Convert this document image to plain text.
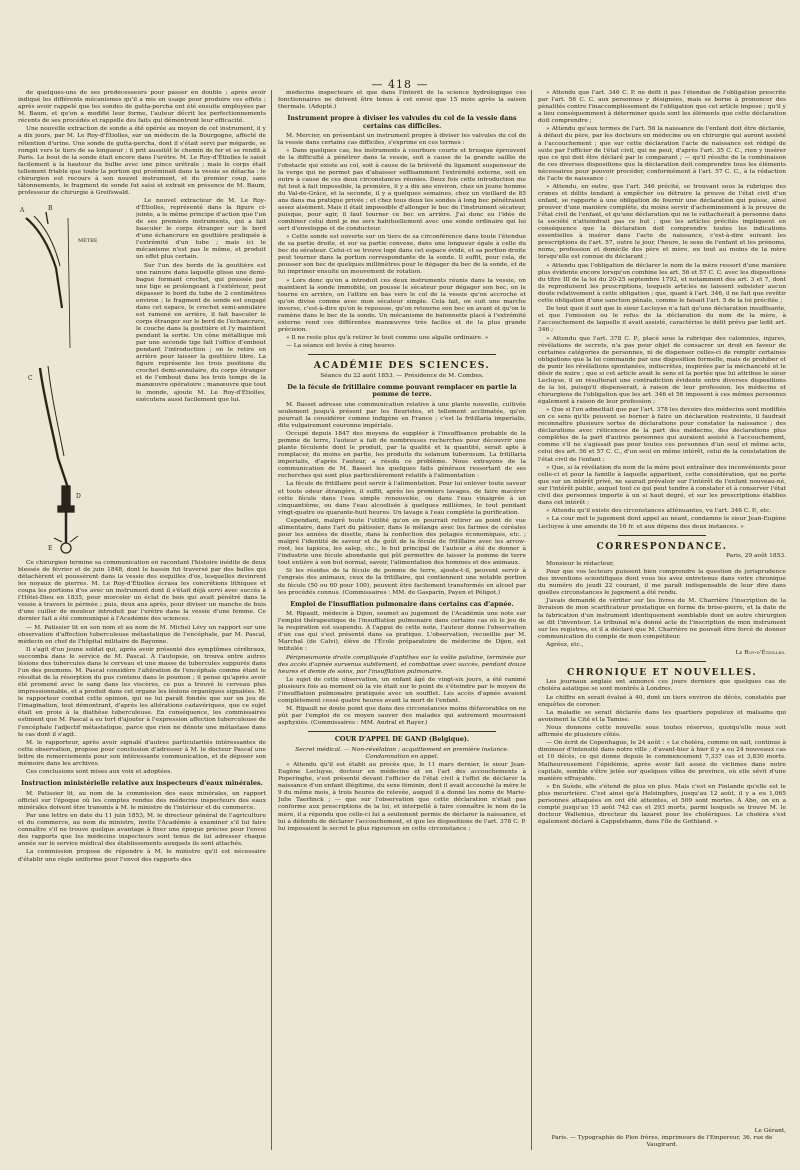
— 418 —

de quelques-uns de ses prédécesseurs pour passer en double ; après avoir indiqué les différents mécanismes qu'il a mis en usage pour produire ces effets ; après avoir rappelé que les sondes de gutta-percha ont été ensuite employées par M. Baum, et qu'on a modifié leur forme, l'auteur décrit les perfectionnements récents de ses procédés et rappelle des faits qui démontrent leur efficacité.

Une nouvelle extraction de sonde a été opérée au moyen de cet instrument, il y a dix jours, par M. Le Roy-d'Étiolles, sur un médecin de la Bourgogne, affecté de rétention d'urine. Une sonde de gutta-percha, dont il s'était servi par mégarde, se rompit vers le tiers de sa longueur ; il prit aussitôt le chemin de fer et se rendit à Paris. Le bout de la sonde était encore dans l'urètre. M. Le Roy-d'Étiolles le saisit facilement à la hauteur du bulbe avec une pince urétrale ; mais le corps était tellement friable que toute la portion qui proéminait dans la vessie se détacha : le chirurgien eut recours à son nouvel instrument, et du premier coup, sans tâtonnements, le fragment de sonde fut saisi et extrait en présence de M. Baum, professeur de chirurgie à Greifswald.

A	B
MÈTRE
C
D
E

Le nouvel extracteur de M. Le Roy-d'Étiolles, représenté dans la figure ci-jointe, a le même principe d'action que l'un de ses premiers instruments, qui a fait basculer le corps étranger sur le bord d'une échancrure en gouttière pratiquée à l'extrémité d'un tube ; mais ici le mécanisme n'est pas le même, et produit un effet plus certain.

Sur l'un des bords de la gouttière est une rainure dans laquelle glisse une demi-bague formant crochet, qui poussée par une tige se prolongeant à l'extérieur, peut dépasser le bord du tube de 2 centimètres environ ; le fragment de sonde est engagé dans cet espace, le crochet semi-annulaire est ramené en arrière, il fait basculer le corps étranger sur le bord de l'échancrure, le couche dans la gouttière et l'y maintient pendant la sortie. Un cône métallique mû par une seconde tige fait l'office d'embout pendant l'introduction ; on le retire en arrière pour laisser la gouttière libre. La figure représente les trois positions du crochet demi-annulaire, du corps étranger et de l'embout dans les trois temps de la manœuvre opératoire ; manœuvre que tout le monde, ajoute M. Le Roy-d'Étiolles, exécutera aussi facilement que lui.

Ce chirurgien termine sa communication en racontant l'histoire inédite de deux blessés de février et de juin 1848, dont le bassin fut traversé par des balles qui détachèrent et poussèrent dans la vessie des esquilles d'os, lesquelles devinrent les noyaux de pierres. M. Le Roy-d'Étiolles écrasa les concrétions lithiques et coupa les portions d'os avec un instrument dont il s'était déjà servi avec succès à l'Hôtel-Dieu en 1835, pour morceler un éclat de bois qui avait pénétré dans la vessie à travers le périnée ; puis, deux ans après, pour diviser un manche de buis d'une cuiller de mouleur introduit par l'urètre dans la vessie d'une femme. Ce dernier fait a été communiqué à l'Académie des sciences.

— M. Patissier lit en son nom et au nom de M. Michel Lévy un rapport sur une observation d'affection tuberculeuse métastatique de l'encéphale, par M. Pascal, médecin en chef de l'hôpital militaire de Bayonne.

Il s'agit d'un jeune soldat qui, après avoir présenté des symptômes cérébraux, succomba dans le service de M. Pascal. À l'autopsie, on trouva entre autres lésions des tubercules dans le cerveau et une masse de tubercules suppurés dans l'un des poumons. M. Pascal considère l'altération de l'encéphale comme étant le résultat de la résorption du pus contenu dans le poumon ; il pense qu'après avoir été promené avec le sang dans les viscères, ce pus a trouvé le cerveau plus impressionnable, et a produit dans cet organe les lésions organiques signalées. M. le rapporteur combat cette opinion, qui ne lui paraît fondée que sur un jeu de l'imagination, tout démontrant, d'après les altérations cadavériques, que ce sujet était en proie à la diathèse tuberculeuse. En conséquence, les commissaires estiment que M. Pascal a eu tort d'ajouter à l'expression affection tuberculeuse de l'encéphale l'adjectif métastatique, parce que rien ne dénote une métastase dans le cas dont il s'agit.

M. le rapporteur, après avoir signalé d'autres particularités intéressantes de cette observation, propose pour conclusion d'adresser à M. le docteur Pascal une lettre de remerciements pour son intéressante communication, et de déposer son mémoire dans les archives.

Ces conclusions sont mises aux voix et adoptées.

Instruction ministérielle relative aux inspecteurs d'eaux minérales.

M. Patissier lit, au nom de la commission des eaux minérales, un rapport officiel sur l'époque où les comptes rendus des médecins inspecteurs des eaux minérales doivent être transmis à M. le ministre de l'intérieur et du commerce.

Par une lettre en date du 11 juin 1853, M. le directeur général de l'agriculture et du commerce, au nom du ministre, invite l'Académie à examiner s'il lui faire connaître s'il ne trouve quelque avantage à fixer une époque précise pour l'envoi des rapports que les médecins inspecteurs sont tenus de lui adresser chaque année sur le service médical des établissements auxquels ils sont attachés.

La commission propose de répondre à M. le ministre qu'il est nécessaire d'établir une règle uniforme pour l'envoi des rapports des

médecins inspecteurs et que dans l'intérêt de la science hydrologique ces fonctionnaires ne doivent être tenus à cet envoi que 15 mois après la saison thermale. (Adopté.)

Instrument propre à diviser les valvules du col de la vessie dans certains cas difficiles.

M. Mercier, en présentant un instrument propre à diviser les valvules du col de la vessie dans certains cas difficiles, s'exprime en ces termes :

« Dans quelques cas, les instruments à courbure courte et brusque éprouvent de la difficulté à pénétrer dans la vessie, soit à cause de la grande saillie de l'obstacle qui existe au col, soit à cause de la brièveté du ligament suspenseur de la verge qui ne permet pas d'abaisser suffisamment l'extrémité externe, soit en outre à cause de ces deux circonstances réunies. Deux fois cette introduction me fut tout à fait impossible, la première, il y a dix ans environ, chez un jeune homme du Val-de-Grâce, et la seconde, il y a quelques semaines, chez un vieillard de 85 ans dans ma pratique privée ; et chez tous deux les sondes à long bec pénétraient assez aisément. Mais il était impossible d'allonger le bec de l'instrument sécateur, puisque, pour agir, il faut tourner ce bec en arrière. J'ai donc eu l'idée de combiner celui dont je me sers habituellement avec une sonde ordinaire qui lui sert d'enveloppe et de conducteur.

» Cette sonde est ouverte sur un tiers de sa circonférence dans toute l'étendue de sa partie droite, et sur sa partie convexe, dans une longueur égale à celle du bec du sécateur. Celui-ci se trouve logé dans cet espace évidé, et sa portion droite peut tourner dans la portion correspondante de la sonde. Il suffit, pour cela, de pousser son bec de quelques millimètres pour le dégager du bec de la sonde, et de lui imprimer ensuite un mouvement de rotation.

» Lors donc qu'on a introduit ces deux instruments réunis dans la vessie, on maintient la sonde immobile, on pousse le sécateur pour dégager son bec, on le tourne en arrière, on l'attire en bas vers le col de la vessie qu'on accroche et qu'on divise comme avec mon sécateur simple. Cela fait, on suit une marche inverse, c'est-à-dire qu'on le repousse, qu'on retourne son bec en avant et qu'on le ramène dans le bec de la sonde. Un mécanisme de baïonnette placé à l'extrémité externe rend ces différentes manœuvres très faciles et de la plus grande précision.

» Il ne reste plus qu'à retirer le tout comme une algalie ordinaire. »

— La séance est levée à cinq heures.

ACADÉMIE DES SCIENCES.

Séance du 22 août 1853. — Présidence de M. Combes.

De la fécule de fritillaire comme pouvant remplacer en partie la pomme de terre.

M. Basset adresse une communication relative à une plante nouvelle, cultivée seulement jusqu'à présent par les fleuristes, et tellement acclimatée, qu'on pourrait la considérer comme indigène en France ; c'est la fritillaria imperialis, dite vulgairement couronne impériale.

Occupé depuis 1847 des moyens de suppléer à l'insuffisance probable de la pomme de terre, l'auteur a fait de nombreuses recherches pour découvrir une plante féculente dont le produit, par la qualité et la quantité, serait apte à remplacer, du moins en partie, les produits du solanum tuberosum. La fritillaria imperialis, d'après l'auteur, a résolu ce problème. Nous extrayons de la communication de M. Basset les quelques faits généraux ressortant de ses recherches qui sont plus particulièrement relatifs à l'alimentation :

La fécule de fritillaire peut servir à l'alimentation. Pour lui enlever toute saveur et toute odeur étrangère, il suffit, après les premiers lavages, de faire macérer cette fécule dans l'eau simple renouvelée, ou dans l'eau vinaigrée à un cinquantième, ou dans l'eau alcoolisée à quelques millièmes, le tout pendant vingt-quatre ou quarante-huit heures. Un lavage à l'eau complète la purification.

Cependant, malgré toute l'utilité qu'on en pourrait retirer au point de vue alimentaire, dans l'art du pâtissier, dans le mélange avec les farines de céréales pour les années de disette, dans la confection des potages économiques, etc. ; malgré l'identité de saveur et de goût de la fécule de fritillaire avec les arrow-root, les tapioca, les salep, etc., le but principal de l'auteur a été de donner à l'industrie une fécule abondante qui pût permettre de laisser la pomme de terre tout entière à son but normal, savoir, l'alimentation des hommes et des animaux.

Si les résidus de la fécule de pomme de terre, ajoute-t-il, peuvent servir à l'engrais des animaux, ceux de la fritillaire, qui contiennent une notable portion de fécule (50 ou 60 pour 100), peuvent être facilement transformés en alcool par les procédés connus. (Commissaires : MM. de Gasparin, Payen et Péligot.)

Emploi de l'insufflation pulmonaire dans certains cas d'apnée.

M. Ripault, médecin à Dijon, soumet au jugement de l'Académie une note sur l'emploi thérapeutique de l'insufflation pulmonaire dans certains cas où le jeu de la respiration est suspendu. À l'appui de cette note, l'auteur donne l'observation d'un cas qui s'est présenté dans sa pratique. L'observation, recueillie par M. Marchal (de Calvi), élève de l'École préparatoire de médecine de Dijon, est intitulée :

Péripneumonie droite compliquée d'aphthes sur la voûte palatine, terminée par des accès d'apnée survenus subitement, et combattue avec succès, pendant douze heures et demie de soins, par l'insufflation pulmonaire.

Le sujet de cette observation, un enfant âgé de vingt-six jours, a été ranimé plusieurs fois au moment où la vie était sur le point de s'éteindre par le moyen de l'insufflation pulmonaire pratiquée avec un soufflet. Les accès d'apnée avaient complètement cessé quatre heures avant la mort de l'enfant.

M. Ripault ne doute point que dans des circonstances moins défavorables on ne pût par l'emploi de ce moyen sauver des malades qui autrement mourraient asphyxiés. (Commissaires : MM. Andral et Rayer.)

COUR D'APPEL DE GAND (Belgique).

Secret médical. — Non-révélation ; acquittement en première instance. Condamnation en appel.

« Attendu qu'il est établi au procès que, le 11 mars dernier, le sieur Jean-Eugène Lecluyse, docteur en médecine et en l'art des accouchements à Poperinghe, s'est présenté devant l'officier de l'état civil à l'effet de déclarer la naissance d'un enfant illégitime, du sexe féminin, dont il avait accouché la mère le 9 du même mois, à trois heures de relevée, auquel il a donné les noms de Marie-Julie Taerlinck ; — que sur l'observation que cette déclaration n'était pas conforme aux prescriptions de la loi, et interpellé à faire connaître le nom de la mère, il a répondu que celle-ci lui a seulement permis de déclarer la naissance, et lui a défendu de déclarer l'accouchement, et que les dispositions de l'art. 378 C. P. lui imposaient le secret le plus rigoureux en cette circonstance ;

» Attendu que l'art. 346 C. P. ne défit it pas l'étendue de l'obligation prescrite par l'art. 56 C. C. aux personnes y désignées, mais se borne à prononcer des pénalités contre l'inaccomplissement de l'obligation que cet article impose ; qu'il y a lieu conséquemment à déterminer quels sont les éléments que cette déclaration doit comprendre ;

» Attendu qu'aux termes de l'art. 56 la naissance de l'enfant doit être déclarée, à défaut du père, par les docteurs en médecine ou en chirurgie qui auront assisté à l'accouchement ; que sur cette déclaration l'acte de naissance est rédigé de suite par l'officier de l'état civil, qui ne peut, d'après l'art. 35 C. C., rien y insérer que ce qui doit être déclaré par le comparant ; — qu'il résulte de la combinaison de ces diverses dispositions que la déclaration doit comprendre tous les éléments nécessaires pour pouvoir procéder, conformément à l'art. 57 C. C., à la rédaction de l'acte de naissance ;

» Attendu, en outre, que l'art. 346 précité, se trouvant sous la rubrique des crimes et délits tendant à empêcher ou détruire la preuve de l'état civil d'un enfant, se rapporte à une obligation de fournir une déclaration qui puisse, ainsi prouver d'une manière complète, du moins servir d'acheminement à la preuve de l'état civil de l'enfant, et qu'une déclaration qui ne le rattacherait à personne dans la société n'atteindrait pas ce but ; que les articles précités impliquent en conséquence que la déclaration doit comprendre toutes les indications essentielles à insérer dans l'acte de naissance, c'est-à-dire suivant les prescriptions de l'art. 57, outre le jour, l'heure, le sexe de l'enfant et les prénoms, noms, profession et domicile des père et mère, ou tout au moins de la mère lorsqu'elle est connue du déclarant ;

» Attendu que l'obligation de déclarer le nom de la mère ressort d'une manière plus évidente encore lorsqu'on combine les art. 56 et 57 C. C. avec les dispositions du titre III de la loi du 20-25 septembre 1792, et notamment des art. 3 et 7, dont ils reproduisent les prescriptions, lesquels articles ne laissent subsister aucun doute relativement à cette obligation ; que, quant à l'art. 346, il ne fait que revêtir cette obligation d'une sanction pénale, comme le faisait l'art. 5 de la loi précitée ;

De tout quoi il suit que le sieur Lecluyse n'a fait qu'une déclaration insuffisante, et que l'omission ou le refus de la déclaration du nom de la mère, à l'accouchement de laquelle il avait assisté, caractérise le délit prévu par ledit art. 346 ;

» Attendu que l'art. 378 C. P., placé sous la rubrique des calomnies, injures, révélations de secrets, n'a pas pour objet de consacrer un droit en faveur de certaines catégories de personnes, ni de dispenser celles-ci de remplir certaines obligations que la loi commande par une disposition formelle, mais de prohiber et de punir les révélations spontanées, indiscrètes, inspirées par la méchanceté et le désir de nuire ; que si cet article avait le sens et la portée que lui attribue le sieur Lecluyse, il en résulterait une contradiction évidente entre diverses dispositions de la loi, puisqu'il dispenserait, à raison de leur profession, les médecins et chirurgiens de l'obligation que les art. 346 et 56 imposent à ces mêmes personnes également à raison de leur profession ;

» Que si l'on admettait que par l'art. 378 les devoirs des médecins sont modifiés en ce sens qu'ils peuvent se borner à faire un déclaration restreinte, il faudrait reconnaître plusieurs sortes de déclarations pour constater la naissance ; des déclarations avec réticences de la part des médecins, des déclarations plus complètes de la part d'autres personnes qui auraient assisté à l'accouchement, comme s'il ne s'agissait pas pour toutes ces personnes d'un seul et même acte, celui des art. 56 et 57 C. C., d'un seul en même intérêt, celui de la constatation de l'état civil de l'enfant ;

» Que, si la révélation du nom de la mère peut entraîner des inconvénients pour celle-ci et pour la famille à laquelle appartient, cette considération, qui ne porte que sur un intérêt privé, ne saurait prévaloir sur l'intérêt de l'enfant nouveau-né, sur l'intérêt public, auquel tout ce qui peut tendre à constater et à conserver l'état civil des personnes importe à un si haut degré, et sur les prescriptions établies dans cet intérêt ;

» Attendu qu'il existe des circonstances atténuantes, vu l'art. 346 C. P., etc.

» La cour met le jugement dont appel au néant, condamne le sieur Jean-Eugène Lecluyse à une amende de 16 fr. et aux dépens des deux instances. »

CORRESPONDANCE.

Paris, 29 août 1853.

Monsieur le rédacteur,

Pour que vos lecteurs puissent bien comprendre la question de jurisprudence des inventions scientifiques dont vous les avez entretenus dans votre chronique du numéro du jeudi 22 courant, il me paraît indispensable de leur dire dans quelles circonstances le jugement a été rendu.

J'avais demandé de vérifier sur les livres de M. Charrière l'inscription de la livraison de mon scarificateur prostatique en forme de brise-pierre, et la date de la fabrication d'un instrument identiquement semblable dont un autre chirurgien se dit l'inventeur. Le tribunal m'a donné acte de l'inscription de mon instrument sur les registres, et il a déclaré que M. Charrière ne pouvait être forcé de donner communication du compte de mon compétiteur.

Agréez, etc.,

Le Roy-d'Étiolles.

CHRONIQUE ET NOUVELLES.

Les journaux anglais ont annoncé ces jours derniers que quelques cas de choléra asiatique se sont montrés à Londres.

Le chiffre en serait évalué à 40, dont un tiers environ de décès, constatés par enquêtes de coroner.

La maladie se serait déclarée dans les quartiers populeux et malsains qui avoisinent la Cité et la Tamise.

Nous donnons cette nouvelle sous toutes réserves, quoiqu'elle nous soit affirmée de plusieurs côtés.

— On écrit de Copenhague, le 24 août : « Le choléra, comme on sait, continue à diminuer d'intensité dans notre ville ; d'avant-hier à hier il y a eu 24 nouveaux cas et 10 décès, ce qui donne depuis le commencement 7,337 cas et 3,830 morts. Malheureusement l'épidémie, après avoir fait assez de victimes dans notre capitale, semble s'être jetée sur quelques villes de province, où elle sévit d'une manière effrayable.

» En Suède, elle s'étend de plus en plus. Mais c'est en Finlande qu'elle est le plus meurtrière. C'est ainsi qu'à Helsingfors, jusqu'au 12 août, il y a eu 1,065 personnes attaquées en ont été atteintes, et 509 sont mortes. À Abo, on en a compté jusqu'au 15 août 742 cas et 293 morts, parmi lesquels se trouve M. le docteur Wallenius, directeur du lazaret pour les cholériques. Le choléra s'est également déclaré à Cappelshamn, dans l'île de Gothland. »

Le Gérant,
Paris. — Typographie de Plon frères, imprimeurs de l'Empereur, 36, rue de Vaugirard.
